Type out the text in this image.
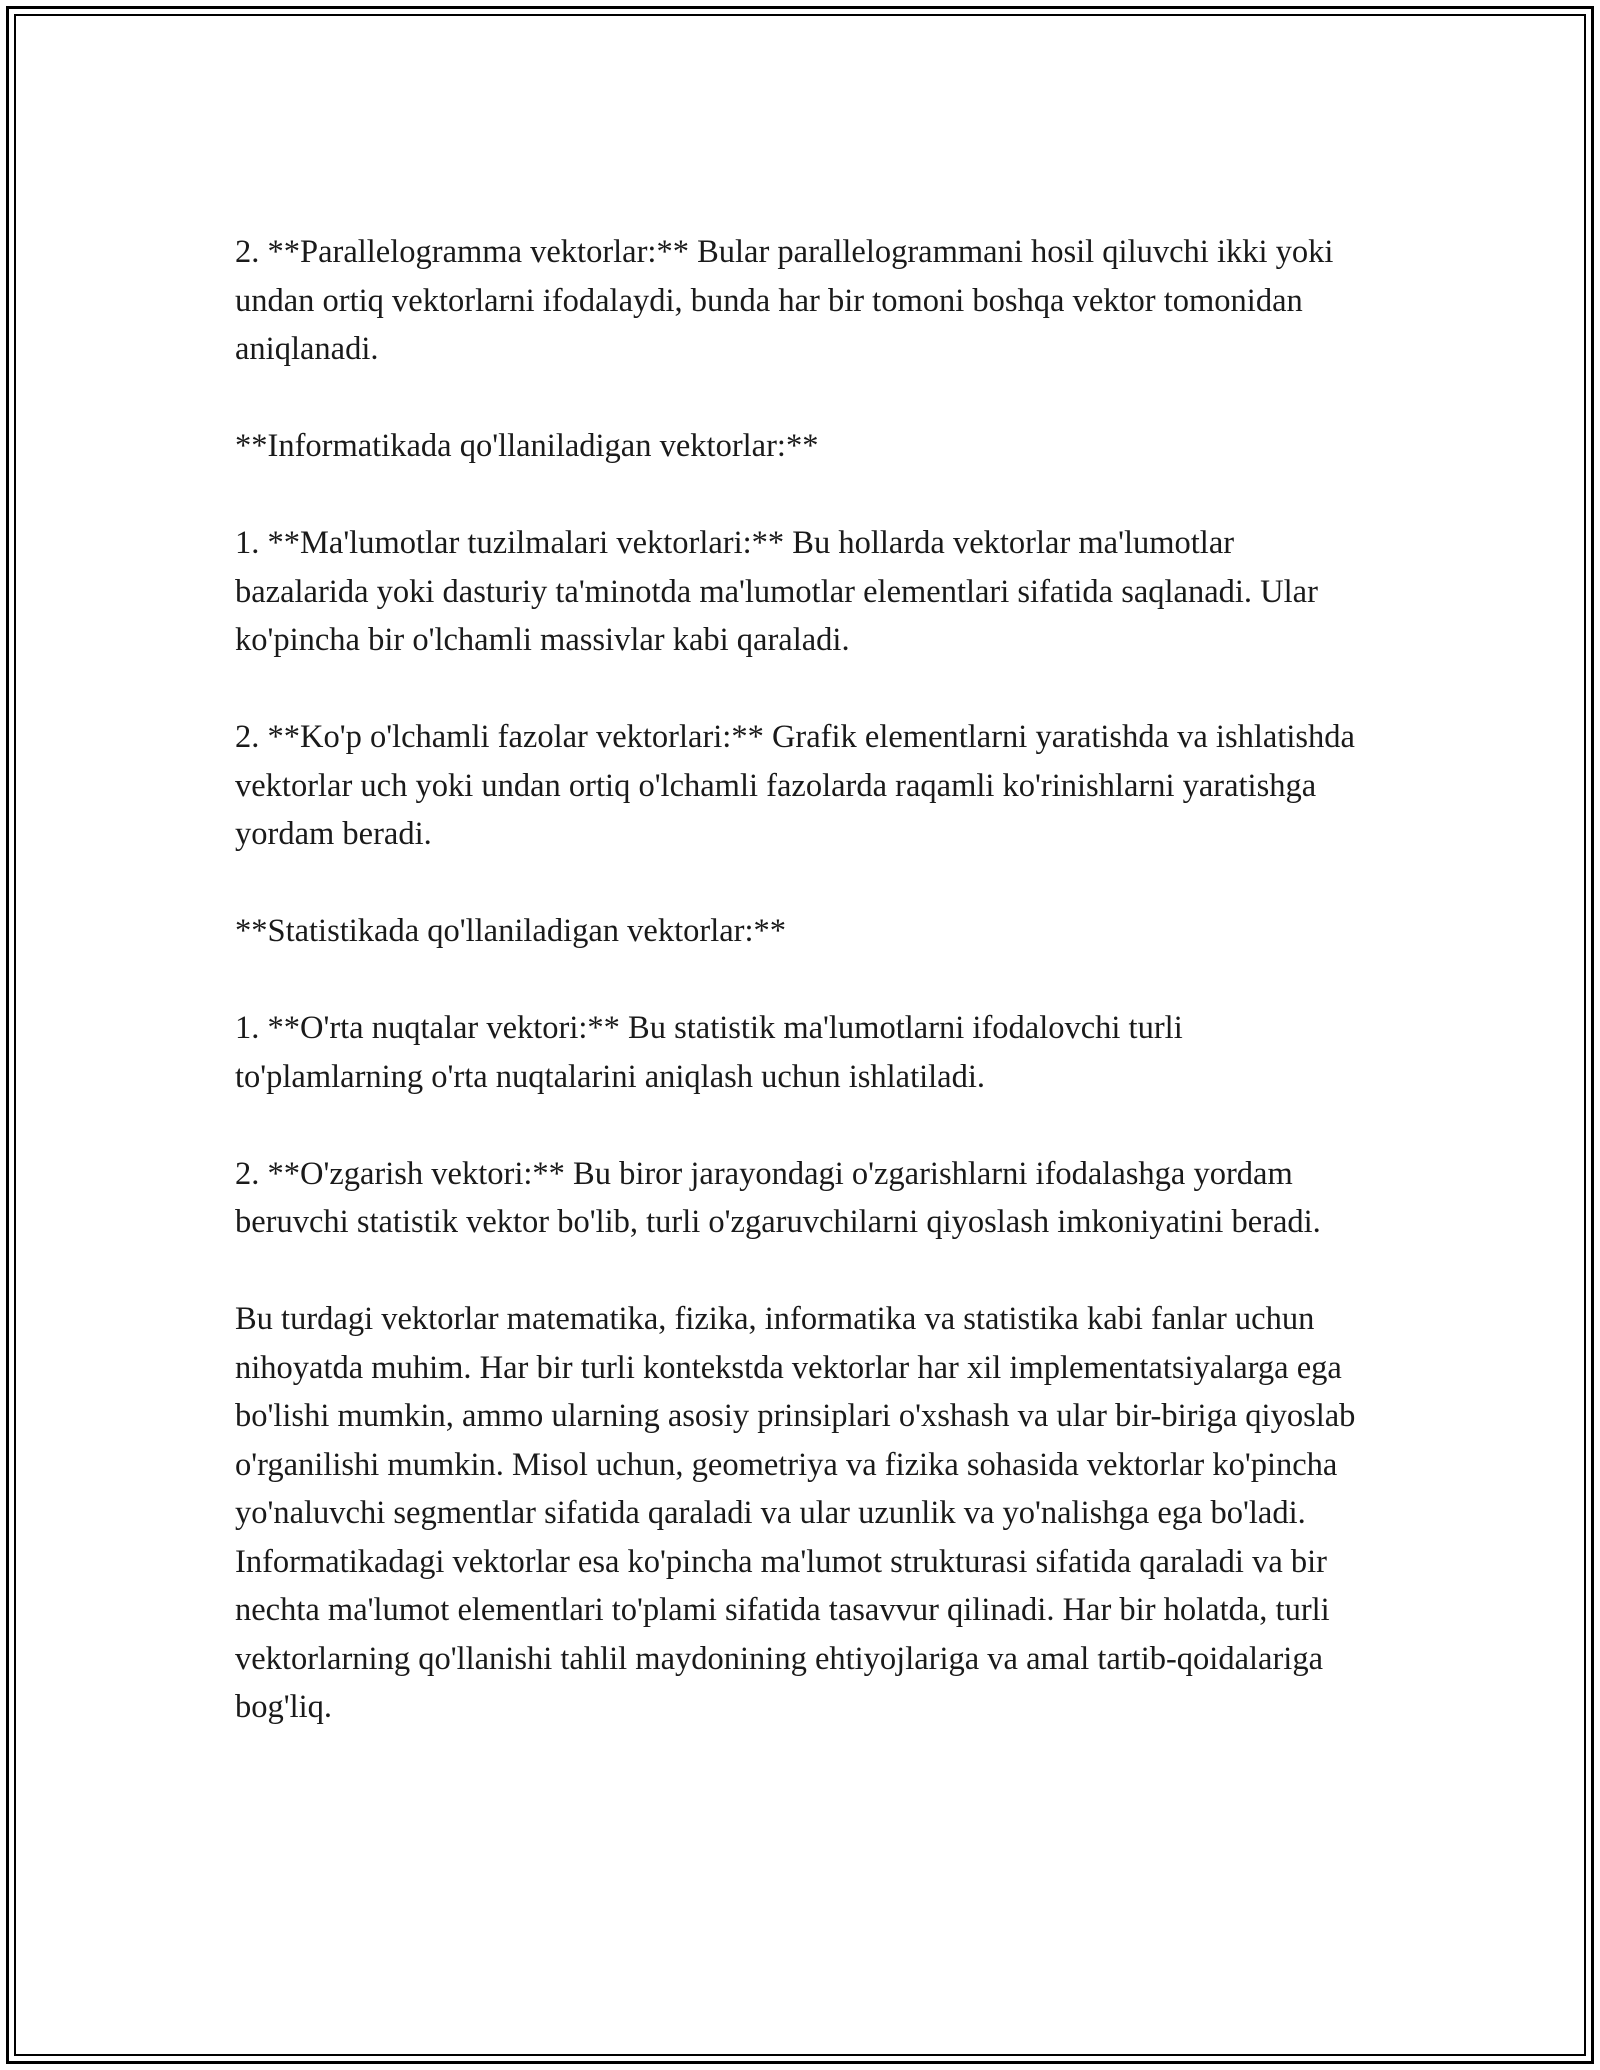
2. **Parallelogramma vektorlar:** Bular parallelogrammani hosil qiluvchi ikki yoki undan ortiq vektorlarni ifodalaydi, bunda har bir tomoni boshqa vektor tomonidan aniqlanadi.

**Informatikada qo'llaniladigan vektorlar:**

1. **Ma'lumotlar tuzilmalari vektorlari:** Bu hollarda vektorlar ma'lumotlar bazalarida yoki dasturiy ta'minotda ma'lumotlar elementlari sifatida saqlanadi. Ular ko'pincha bir o'lchamli massivlar kabi qaraladi.

2. **Ko'p o'lchamli fazolar vektorlari:** Grafik elementlarni yaratishda va ishlatishda vektorlar uch yoki undan ortiq o'lchamli fazolarda raqamli ko'rinishlarni yaratishga yordam beradi.

**Statistikada qo'llaniladigan vektorlar:**

1. **O'rta nuqtalar vektori:** Bu statistik ma'lumotlarni ifodalovchi turli to'plamlarning o'rta nuqtalarini aniqlash uchun ishlatiladi.

2. **O'zgarish vektori:** Bu biror jarayondagi o'zgarishlarni ifodalashga yordam beruvchi statistik vektor bo'lib, turli o'zgaruvchilarni qiyoslash imkoniyatini beradi.

Bu turdagi vektorlar matematika, fizika, informatika va statistika kabi fanlar uchun nihoyatda muhim. Har bir turli kontekstda vektorlar har xil implementatsiyalarga ega bo'lishi mumkin, ammo ularning asosiy prinsiplari o'xshash va ular bir-biriga qiyoslab o'rganilishi mumkin. Misol uchun, geometriya va fizika sohasida vektorlar ko'pincha yo'naluvchi segmentlar sifatida qaraladi va ular uzunlik va yo'nalishga ega bo'ladi. Informatikadagi vektorlar esa ko'pincha ma'lumot strukturasi sifatida qaraladi va bir nechta ma'lumot elementlari to'plami sifatida tasavvur qilinadi. Har bir holatda, turli vektorlarning qo'llanishi tahlil maydonining ehtiyojlariga va amal tartib-qoidalariga bog'liq.
